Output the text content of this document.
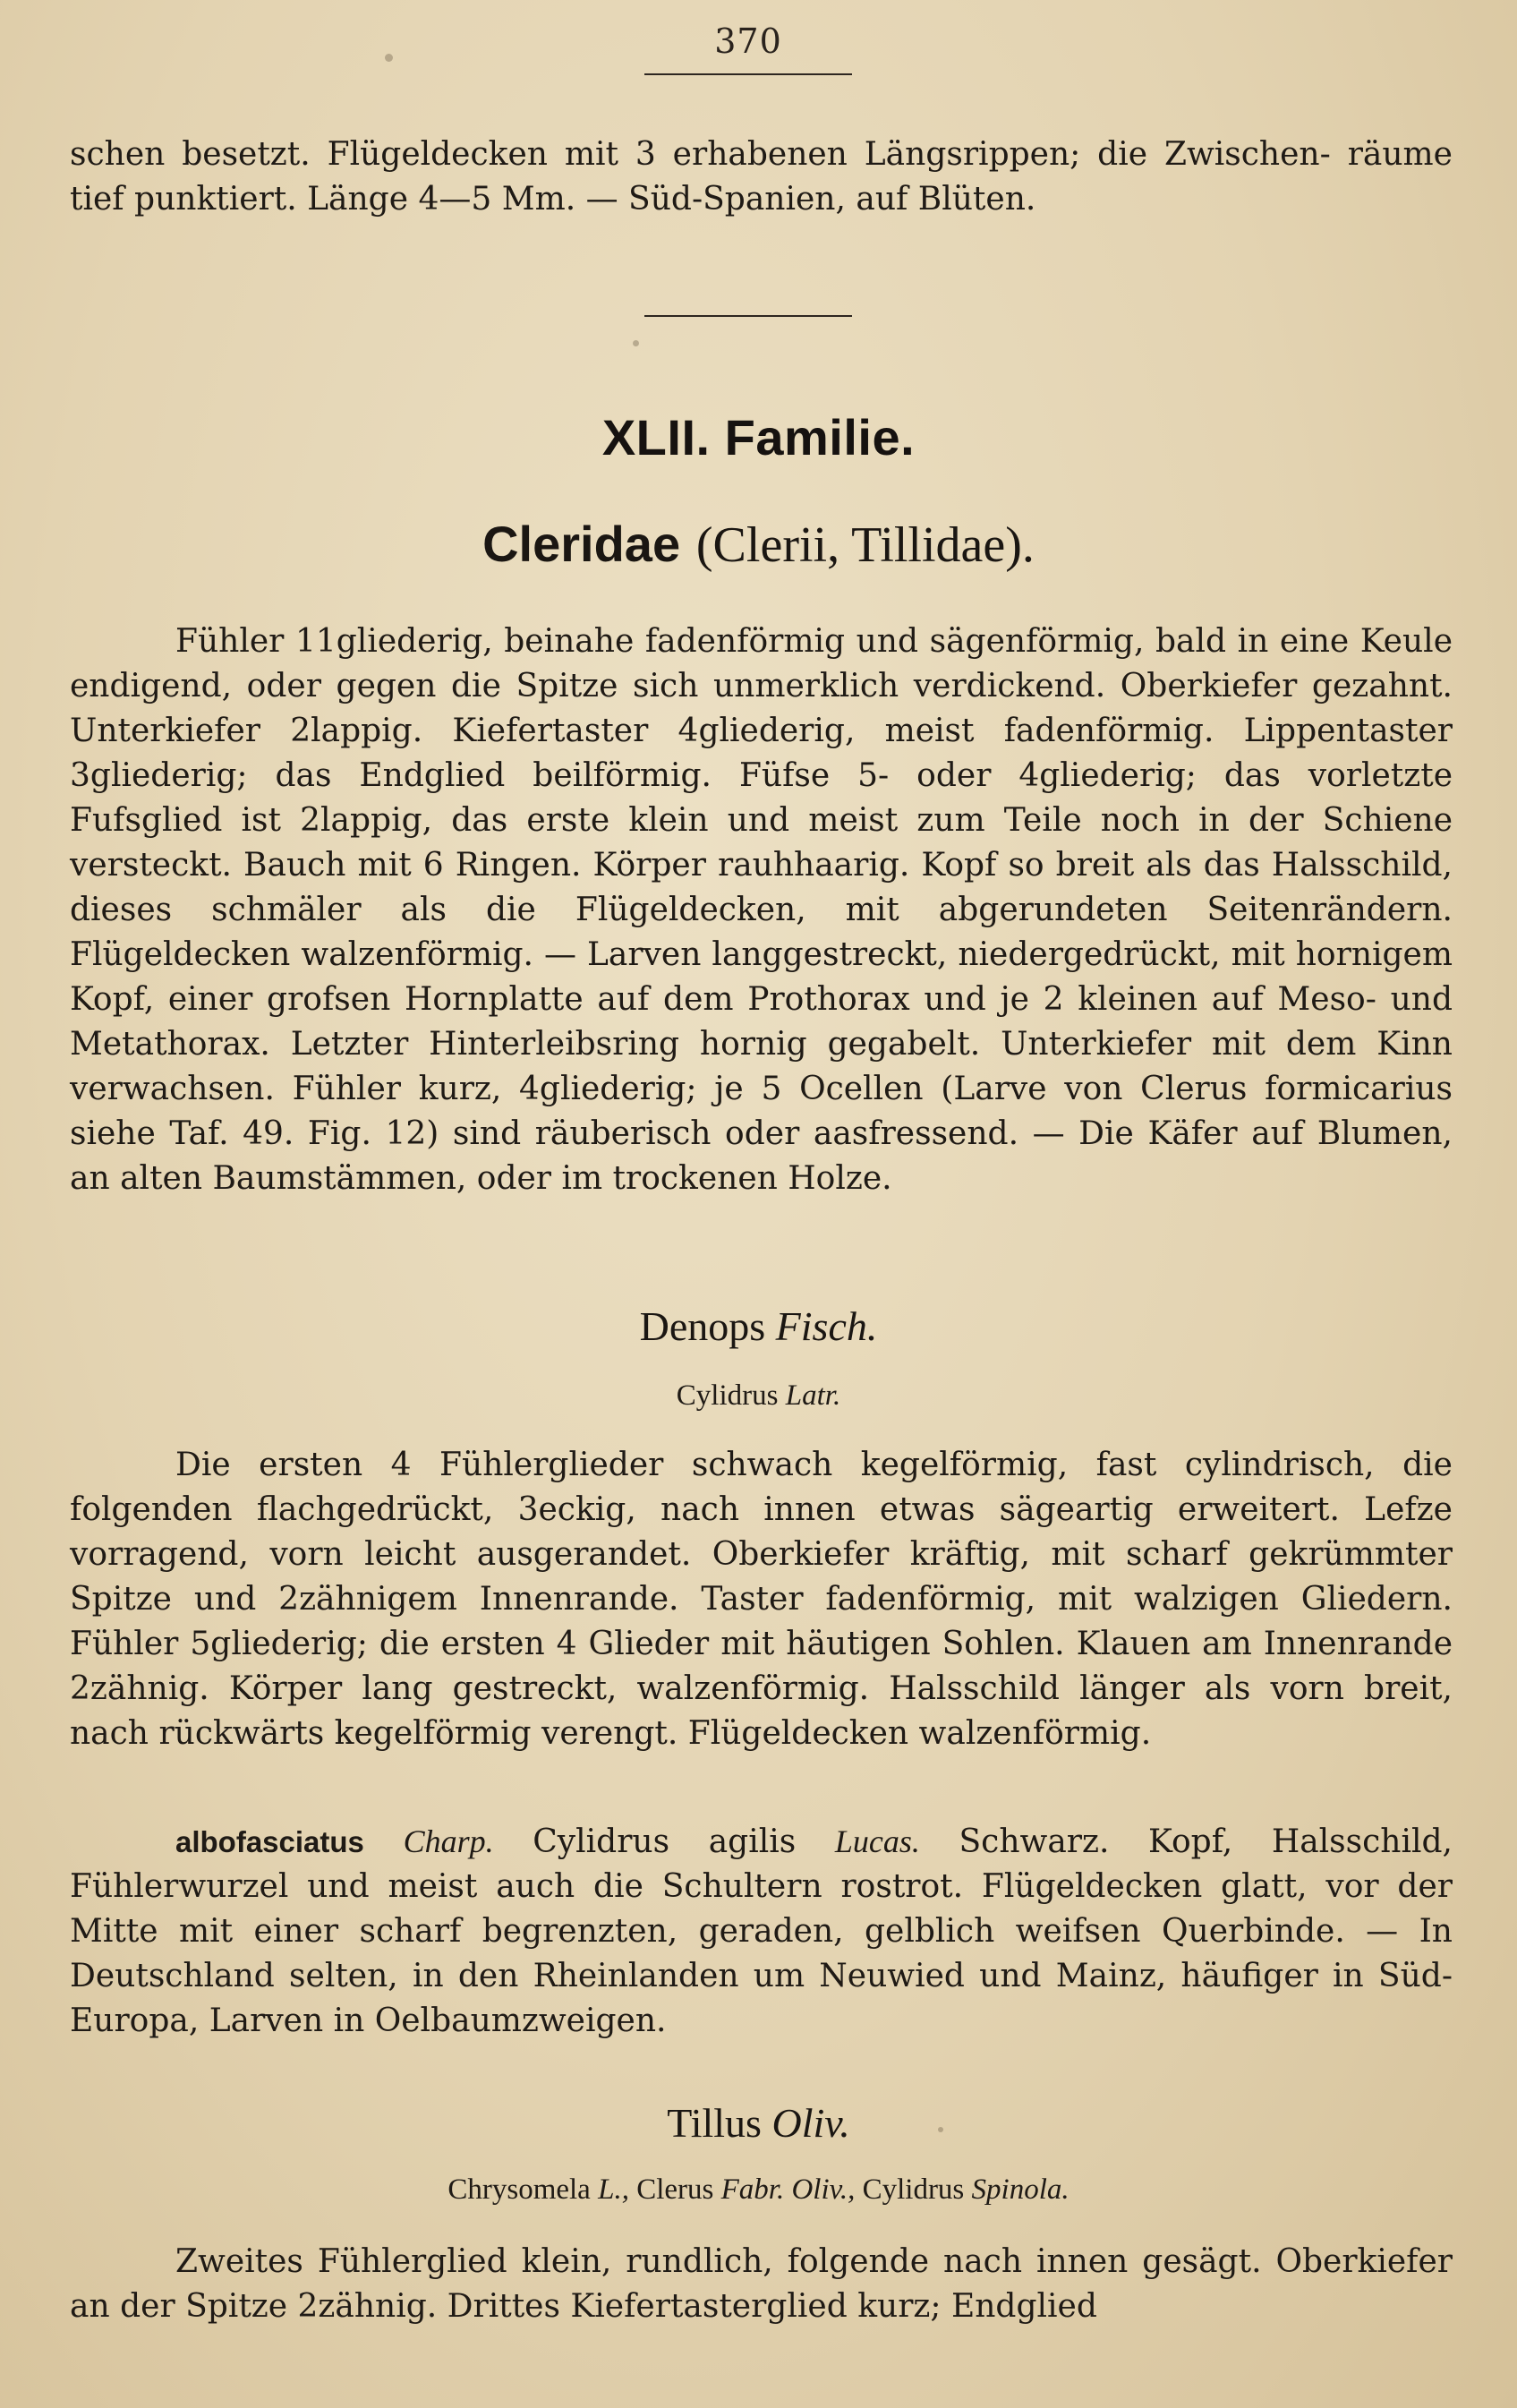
370
schen besetzt. Flügeldecken mit 3 erhabenen Längsrippen; die Zwischen- räume tief punktiert. Länge 4—5 Mm. — Süd-Spanien, auf Blüten.
XLII. Familie.
Cleridae (Clerii, Tillidae).
Fühler 11gliederig, beinahe fadenförmig und sägenförmig, bald in eine Keule endigend, oder gegen die Spitze sich unmerklich verdickend. Oberkiefer gezahnt. Unterkiefer 2lappig. Kiefertaster 4gliederig, meist fadenförmig. Lippentaster 3gliederig; das Endglied beilförmig. Füfse 5- oder 4gliederig; das vorletzte Fufsglied ist 2lappig, das erste klein und meist zum Teile noch in der Schiene versteckt. Bauch mit 6 Ringen. Körper rauhhaarig. Kopf so breit als das Halsschild, dieses schmäler als die Flügeldecken, mit abgerundeten Seitenrändern. Flügeldecken walzenförmig. — Larven langgestreckt, niedergedrückt, mit hornigem Kopf, einer grofsen Hornplatte auf dem Prothorax und je 2 kleinen auf Meso- und Metathorax. Letzter Hinterleibsring hornig gegabelt. Unterkiefer mit dem Kinn verwachsen. Fühler kurz, 4gliederig; je 5 Ocellen (Larve von Clerus formicarius siehe Taf. 49. Fig. 12) sind räuberisch oder aasfressend. — Die Käfer auf Blumen, an alten Baumstämmen, oder im trockenen Holze.
Denops Fisch.
Cylidrus Latr.
Die ersten 4 Fühlerglieder schwach kegelförmig, fast cylindrisch, die folgenden flachgedrückt, 3eckig, nach innen etwas sägeartig erweitert. Lefze vorragend, vorn leicht ausgerandet. Oberkiefer kräftig, mit scharf gekrümmter Spitze und 2zähnigem Innenrande. Taster fadenförmig, mit walzigen Gliedern. Fühler 5gliederig; die ersten 4 Glieder mit häutigen Sohlen. Klauen am Innenrande 2zähnig. Körper lang gestreckt, walzenförmig. Halsschild länger als vorn breit, nach rückwärts kegelförmig verengt. Flügeldecken walzenförmig.
albofasciatus Charp. Cylidrus agilis Lucas. Schwarz. Kopf, Halsschild, Fühlerwurzel und meist auch die Schultern rostrot. Flügeldecken glatt, vor der Mitte mit einer scharf begrenzten, geraden, gelblich weifsen Querbinde. — In Deutschland selten, in den Rheinlanden um Neuwied und Mainz, häufiger in Süd-Europa, Larven in Oelbaumzweigen.
Tillus Oliv.
Chrysomela L., Clerus Fabr. Oliv., Cylidrus Spinola.
Zweites Fühlerglied klein, rundlich, folgende nach innen gesägt. Oberkiefer an der Spitze 2zähnig. Drittes Kiefertasterglied kurz; Endglied
